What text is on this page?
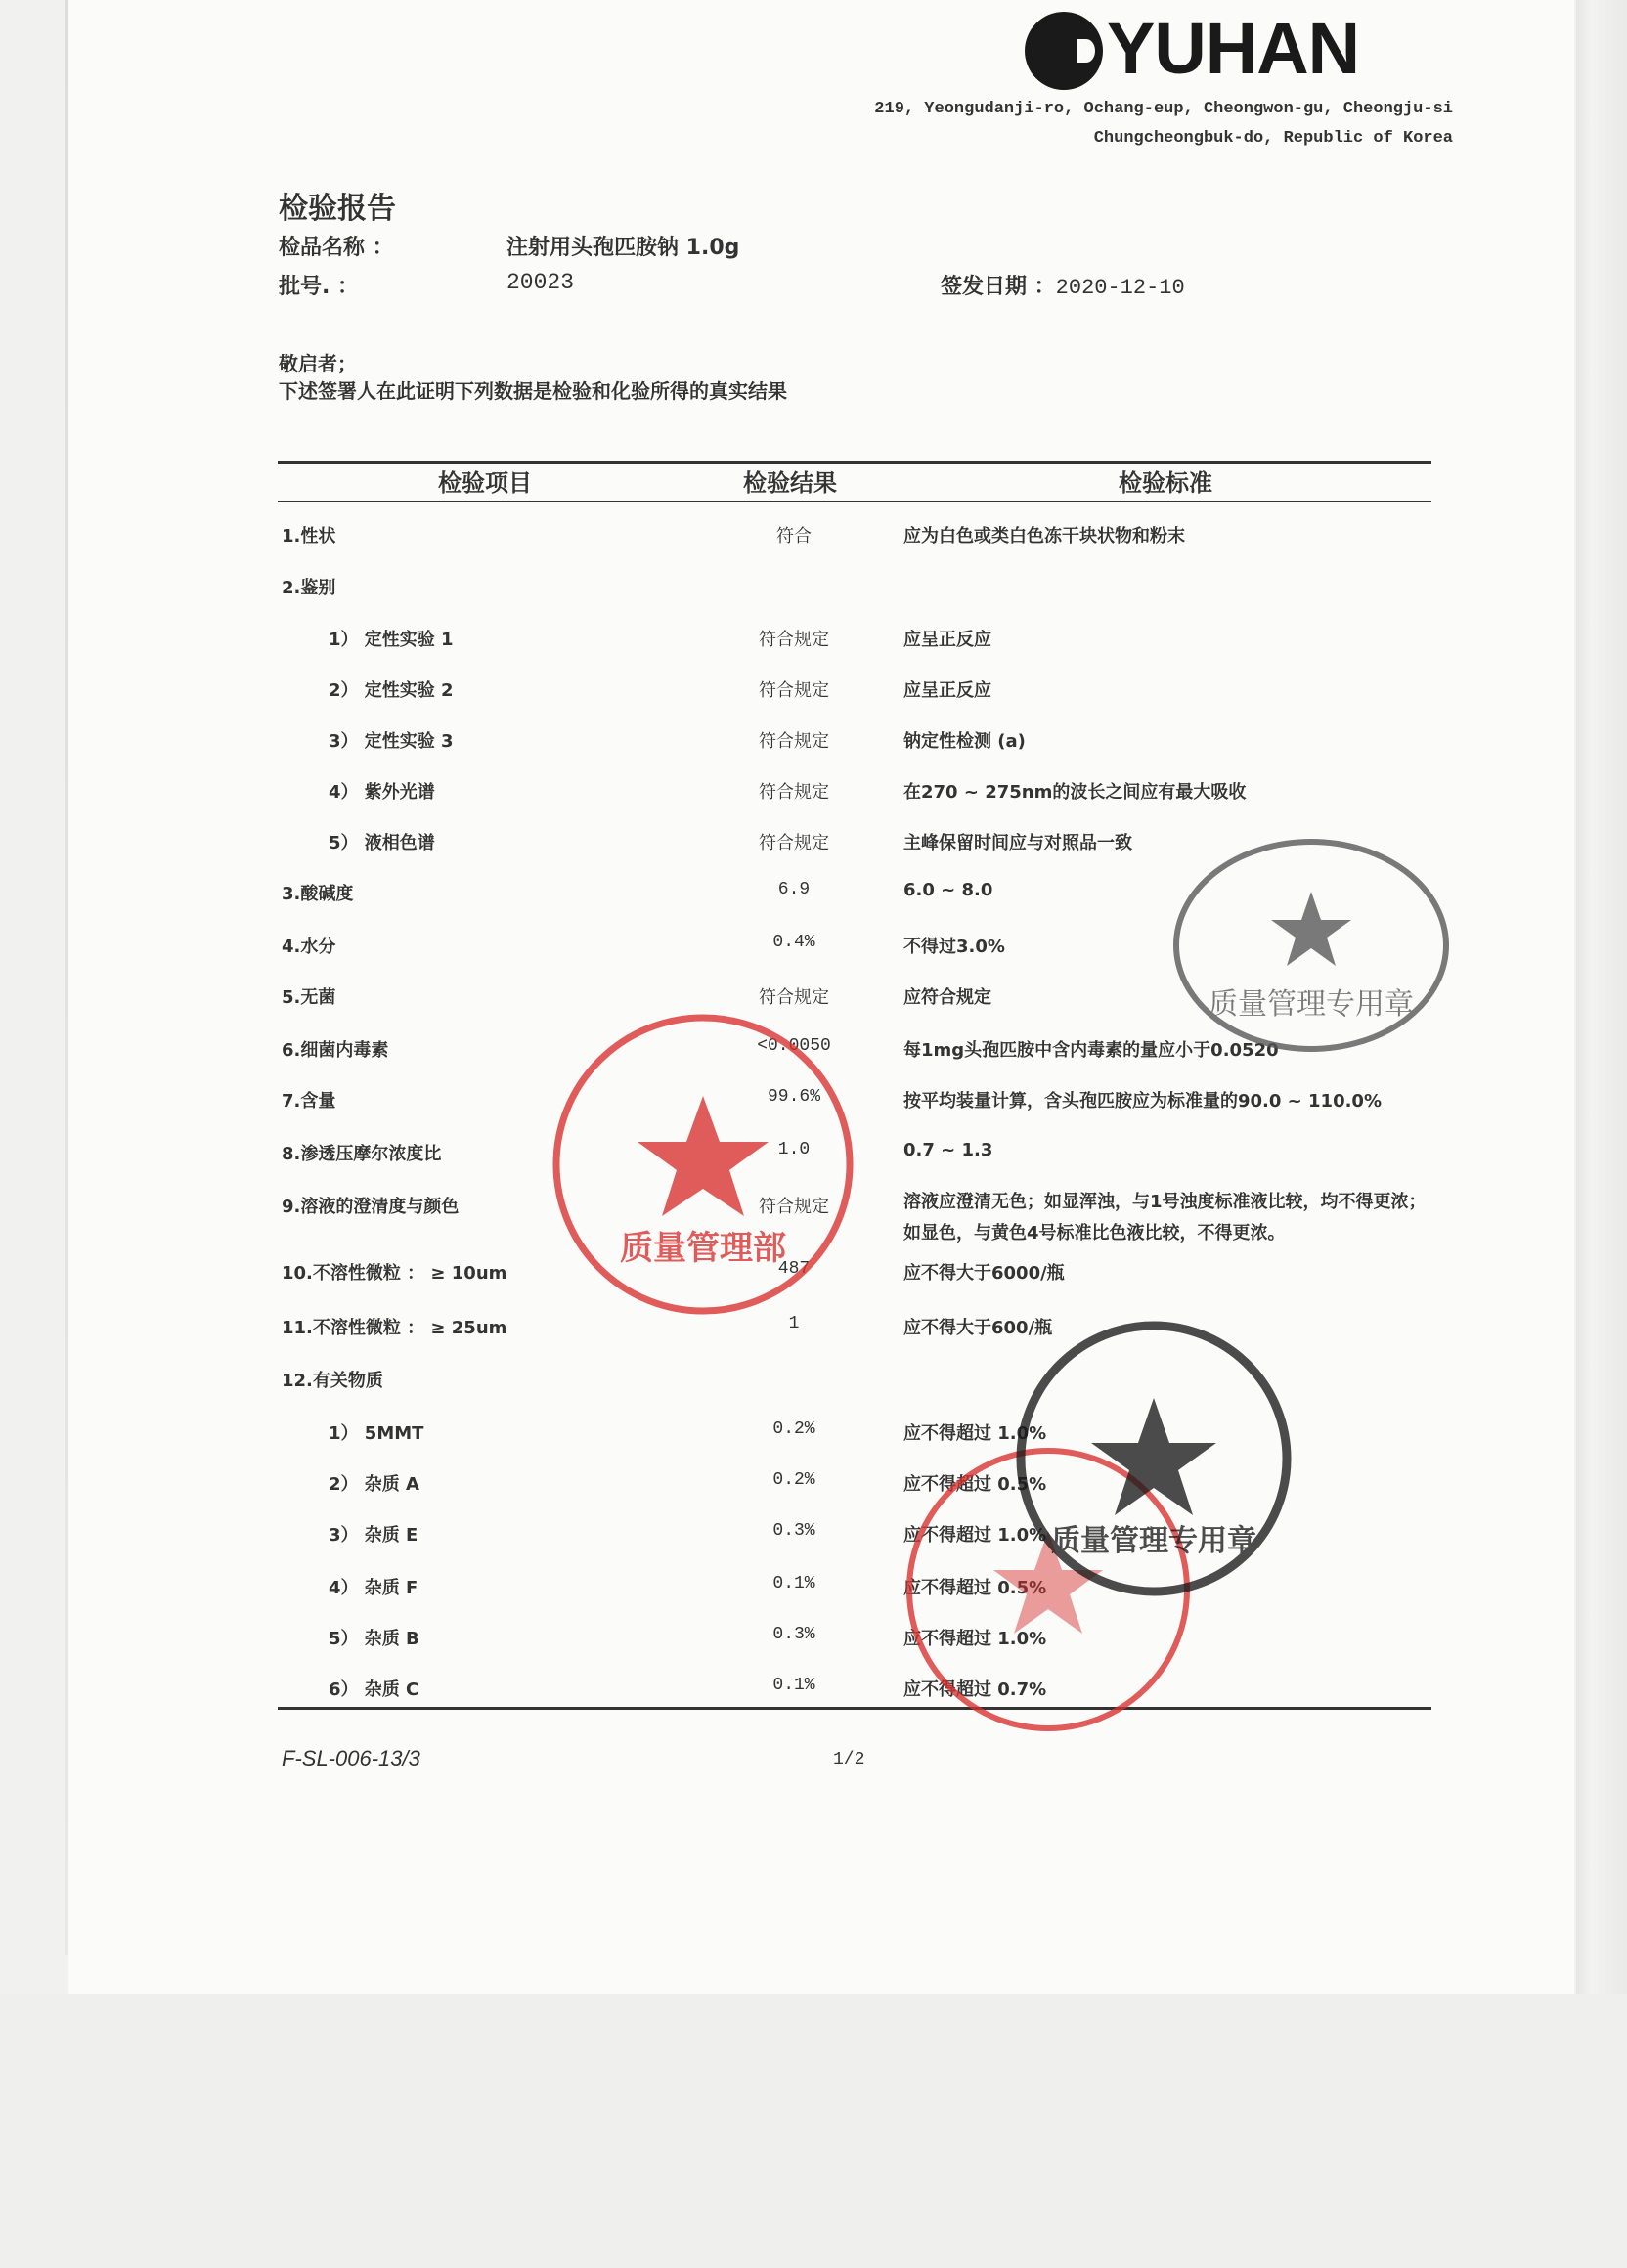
YUHAN
219, Yeongudanji-ro, Ochang-eup, Cheongwon-gu, Cheongju-si
Chungcheongbuk-do, Republic of Korea
检验报告
检品名称 ：	注射用头孢匹胺钠 1.0g
批号. ：	20023	签发日期 ：2020-12-10
敬启者；
下述签署人在此证明下列数据是检验和化验所得的真实结果
检验项目	检验结果	检验标准
1.性状	符合	应为白色或类白色冻干块状物和粉末
2.鉴别
1） 定性实验 1	符合规定	应呈正反应
2） 定性实验 2	符合规定	应呈正反应
3） 定性实验 3	符合规定	钠定性检测 (a)
4） 紫外光谱	符合规定	在270 ~ 275nm的波长之间应有最大吸收
5） 液相色谱	符合规定	主峰保留时间应与对照品一致
3.酸碱度	6.9	6.0 ~ 8.0
4.水分	0.4%	不得过3.0%
5.无菌	符合规定	应符合规定
6.细菌内毒素	<0.0050	每1mg头孢匹胺中含内毒素的量应小于0.0520
7.含量	99.6%	按平均装量计算，含头孢匹胺应为标准量的90.0 ~ 110.0%
8.渗透压摩尔浓度比	1.0	0.7 ~ 1.3
9.溶液的澄清度与颜色	符合规定	溶液应澄清无色；如显浑浊，与1号浊度标准液比较，均不得更浓；如显色，与黄色4号标准比色液比较，不得更浓。
10.不溶性微粒 ： ≥ 10um	487	应不得大于6000/瓶
11.不溶性微粒 ： ≥ 25um	1	应不得大于600/瓶
12.有关物质
1） 5MMT	0.2%	应不得超过 1.0%
2） 杂质 A	0.2%	应不得超过 0.5%
3） 杂质 E	0.3%	应不得超过 1.0%
4） 杂质 F	0.1%	应不得超过 0.5%
5） 杂质 B	0.3%	应不得超过 1.0%
6） 杂质 C	0.1%	应不得超过 0.7%
F-SL-006-13/3	1/2
质量管理部
质量管理专用章
质量管理专用章
